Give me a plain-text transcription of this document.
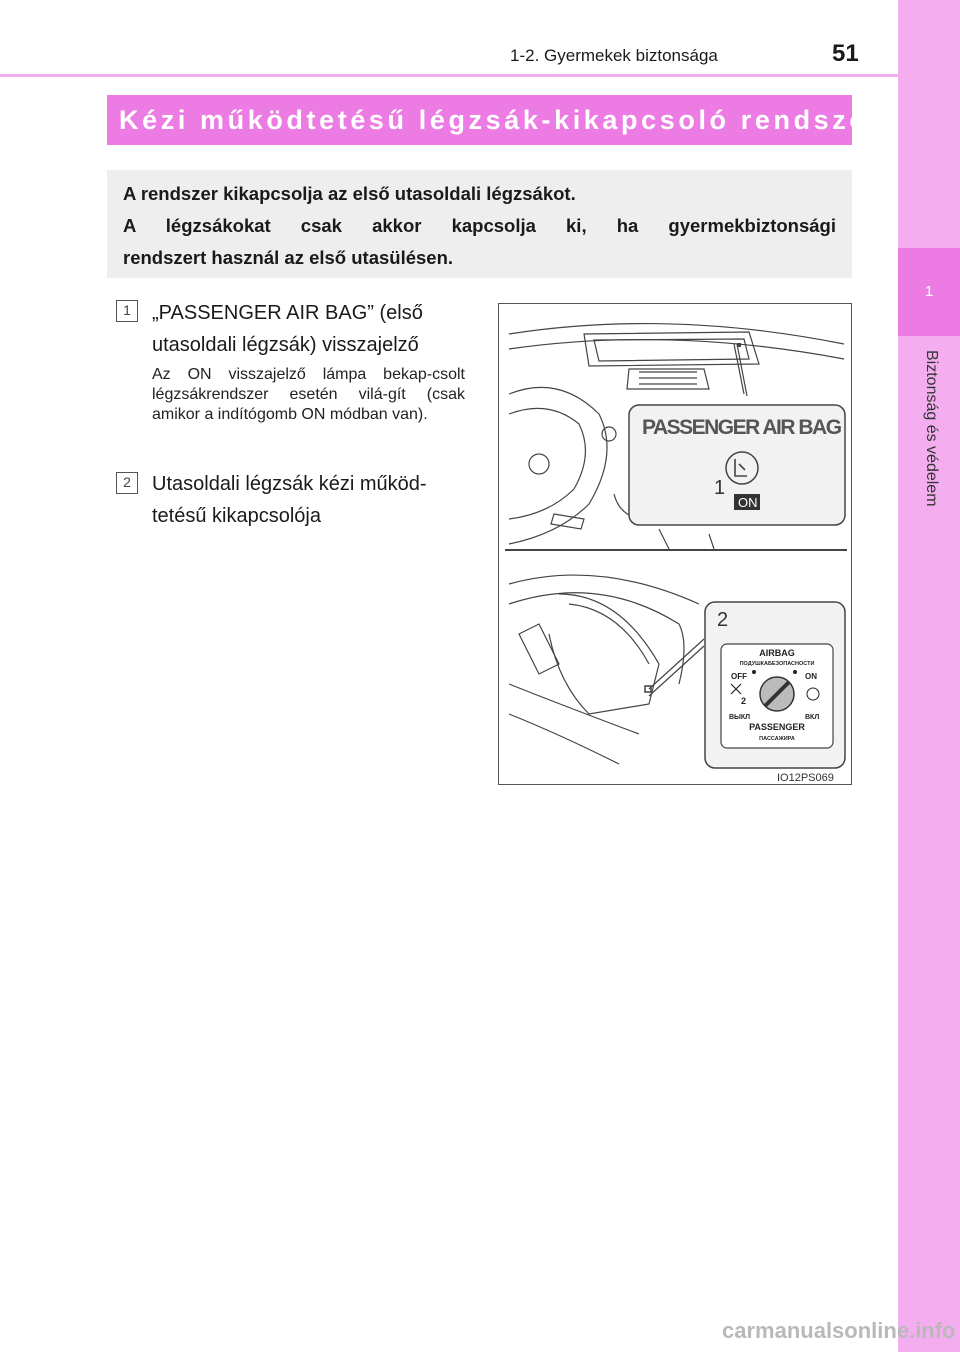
1
Biztonság és védelem
1-2. Gyermekek biztonsága	51
Kézi működtetésű légzsák-kikapcsoló rendszer

A rendszer kikapcsolja az első utasoldali légzsákot.

A légzsákokat csak akkor kapcsolja ki, ha gyermekbiztonsági

rendszert használ az első utasülésen.

1	„PASSENGER AIR BAG” (első
utasoldali légzsák) visszajelző
Az ON visszajelző lámpa bekap-csolt légzsákrendszer esetén vilá-gít (csak amikor a indítógomb ON módban van).
2	Utasoldali légzsák kézi működ-
tetésű kikapcsolója
PASSENGER AIR BAG
1
ON
2
AIRBAG
ПОДУШКАБЕЗОПАСНОСТИ
OFF	ON
2
ВЫКЛ	ВКЛ
PASSENGER
ПАССАЖИРА
IO12PS069
carmanualsonline.info
